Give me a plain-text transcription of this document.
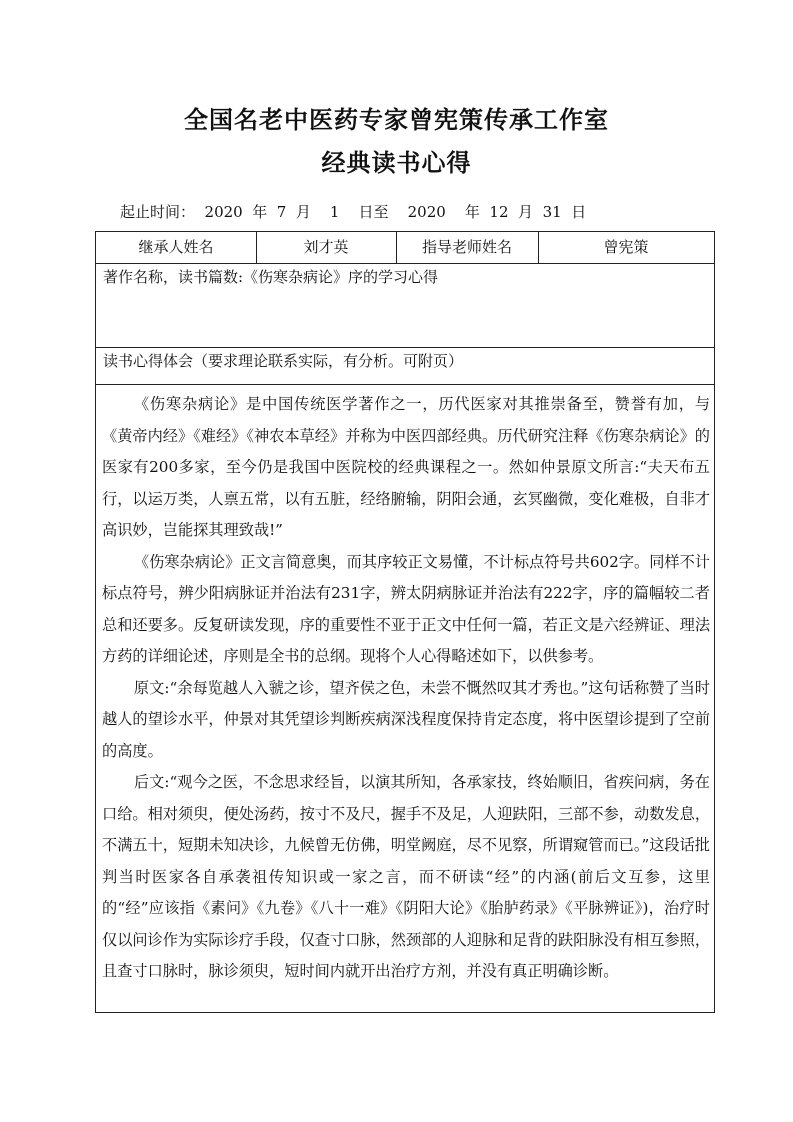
全国名老中医药专家曾宪策传承工作室
经典读书心得
起止时间：  2020  年  7  月    1    日至    2020    年  12  月  31  日
继承人姓名	刘才英	指导老师姓名	曾宪策
著作名称，读书篇数:《伤寒杂病论》序的学习心得
读书心得体会（要求理论联系实际，有分析。可附页）

《伤寒杂病论》是中国传统医学著作之一，历代医家对其推崇备至，赞誉有加，与《黄帝内经》《难经》《神农本草经》并称为中医四部经典。历代研究注释《伤寒杂病论》的医家有200多家，至今仍是我国中医院校的经典课程之一。然如仲景原文所言:“夫天布五行，以运万类，人禀五常，以有五脏，经络腑输，阴阳会通，玄冥幽微，变化难极，自非才高识妙，岂能探其理致哉!”

《伤寒杂病论》正文言简意奥，而其序较正文易懂，不计标点符号共602字。同样不计标点符号，辨少阳病脉证并治法有231字，辨太阴病脉证并治法有222字，序的篇幅较二者总和还要多。反复研读发现，序的重要性不亚于正文中任何一篇，若正文是六经辨证、理法方药的详细论述，序则是全书的总纲。现将个人心得略述如下，以供参考。

原文:“余每览越人入虢之诊，望齐侯之色，未尝不慨然叹其才秀也。”这句话称赞了当时越人的望诊水平，仲景对其凭望诊判断疾病深浅程度保持肯定态度，将中医望诊提到了空前的高度。

后文:“观今之医，不念思求经旨，以演其所知，各承家技，终始顺旧，省疾问病，务在口给。相对须臾，便处汤药，按寸不及尺，握手不及足，人迎趺阳，三部不参，动数发息，不满五十，短期未知决诊，九候曾无仿佛，明堂阙庭，尽不见察，所谓窥管而已。”这段话批判当时医家各自承袭祖传知识或一家之言，而不研读“经”的内涵(前后文互参，这里的“经”应该指《素问》《九卷》《八十一难》《阴阳大论》《胎胪药录》《平脉辨证》)，治疗时仅以问诊作为实际诊疗手段，仅查寸口脉，然颈部的人迎脉和足背的趺阳脉没有相互参照，且查寸口脉时，脉诊须臾，短时间内就开出治疗方剂，并没有真正明确诊断。
